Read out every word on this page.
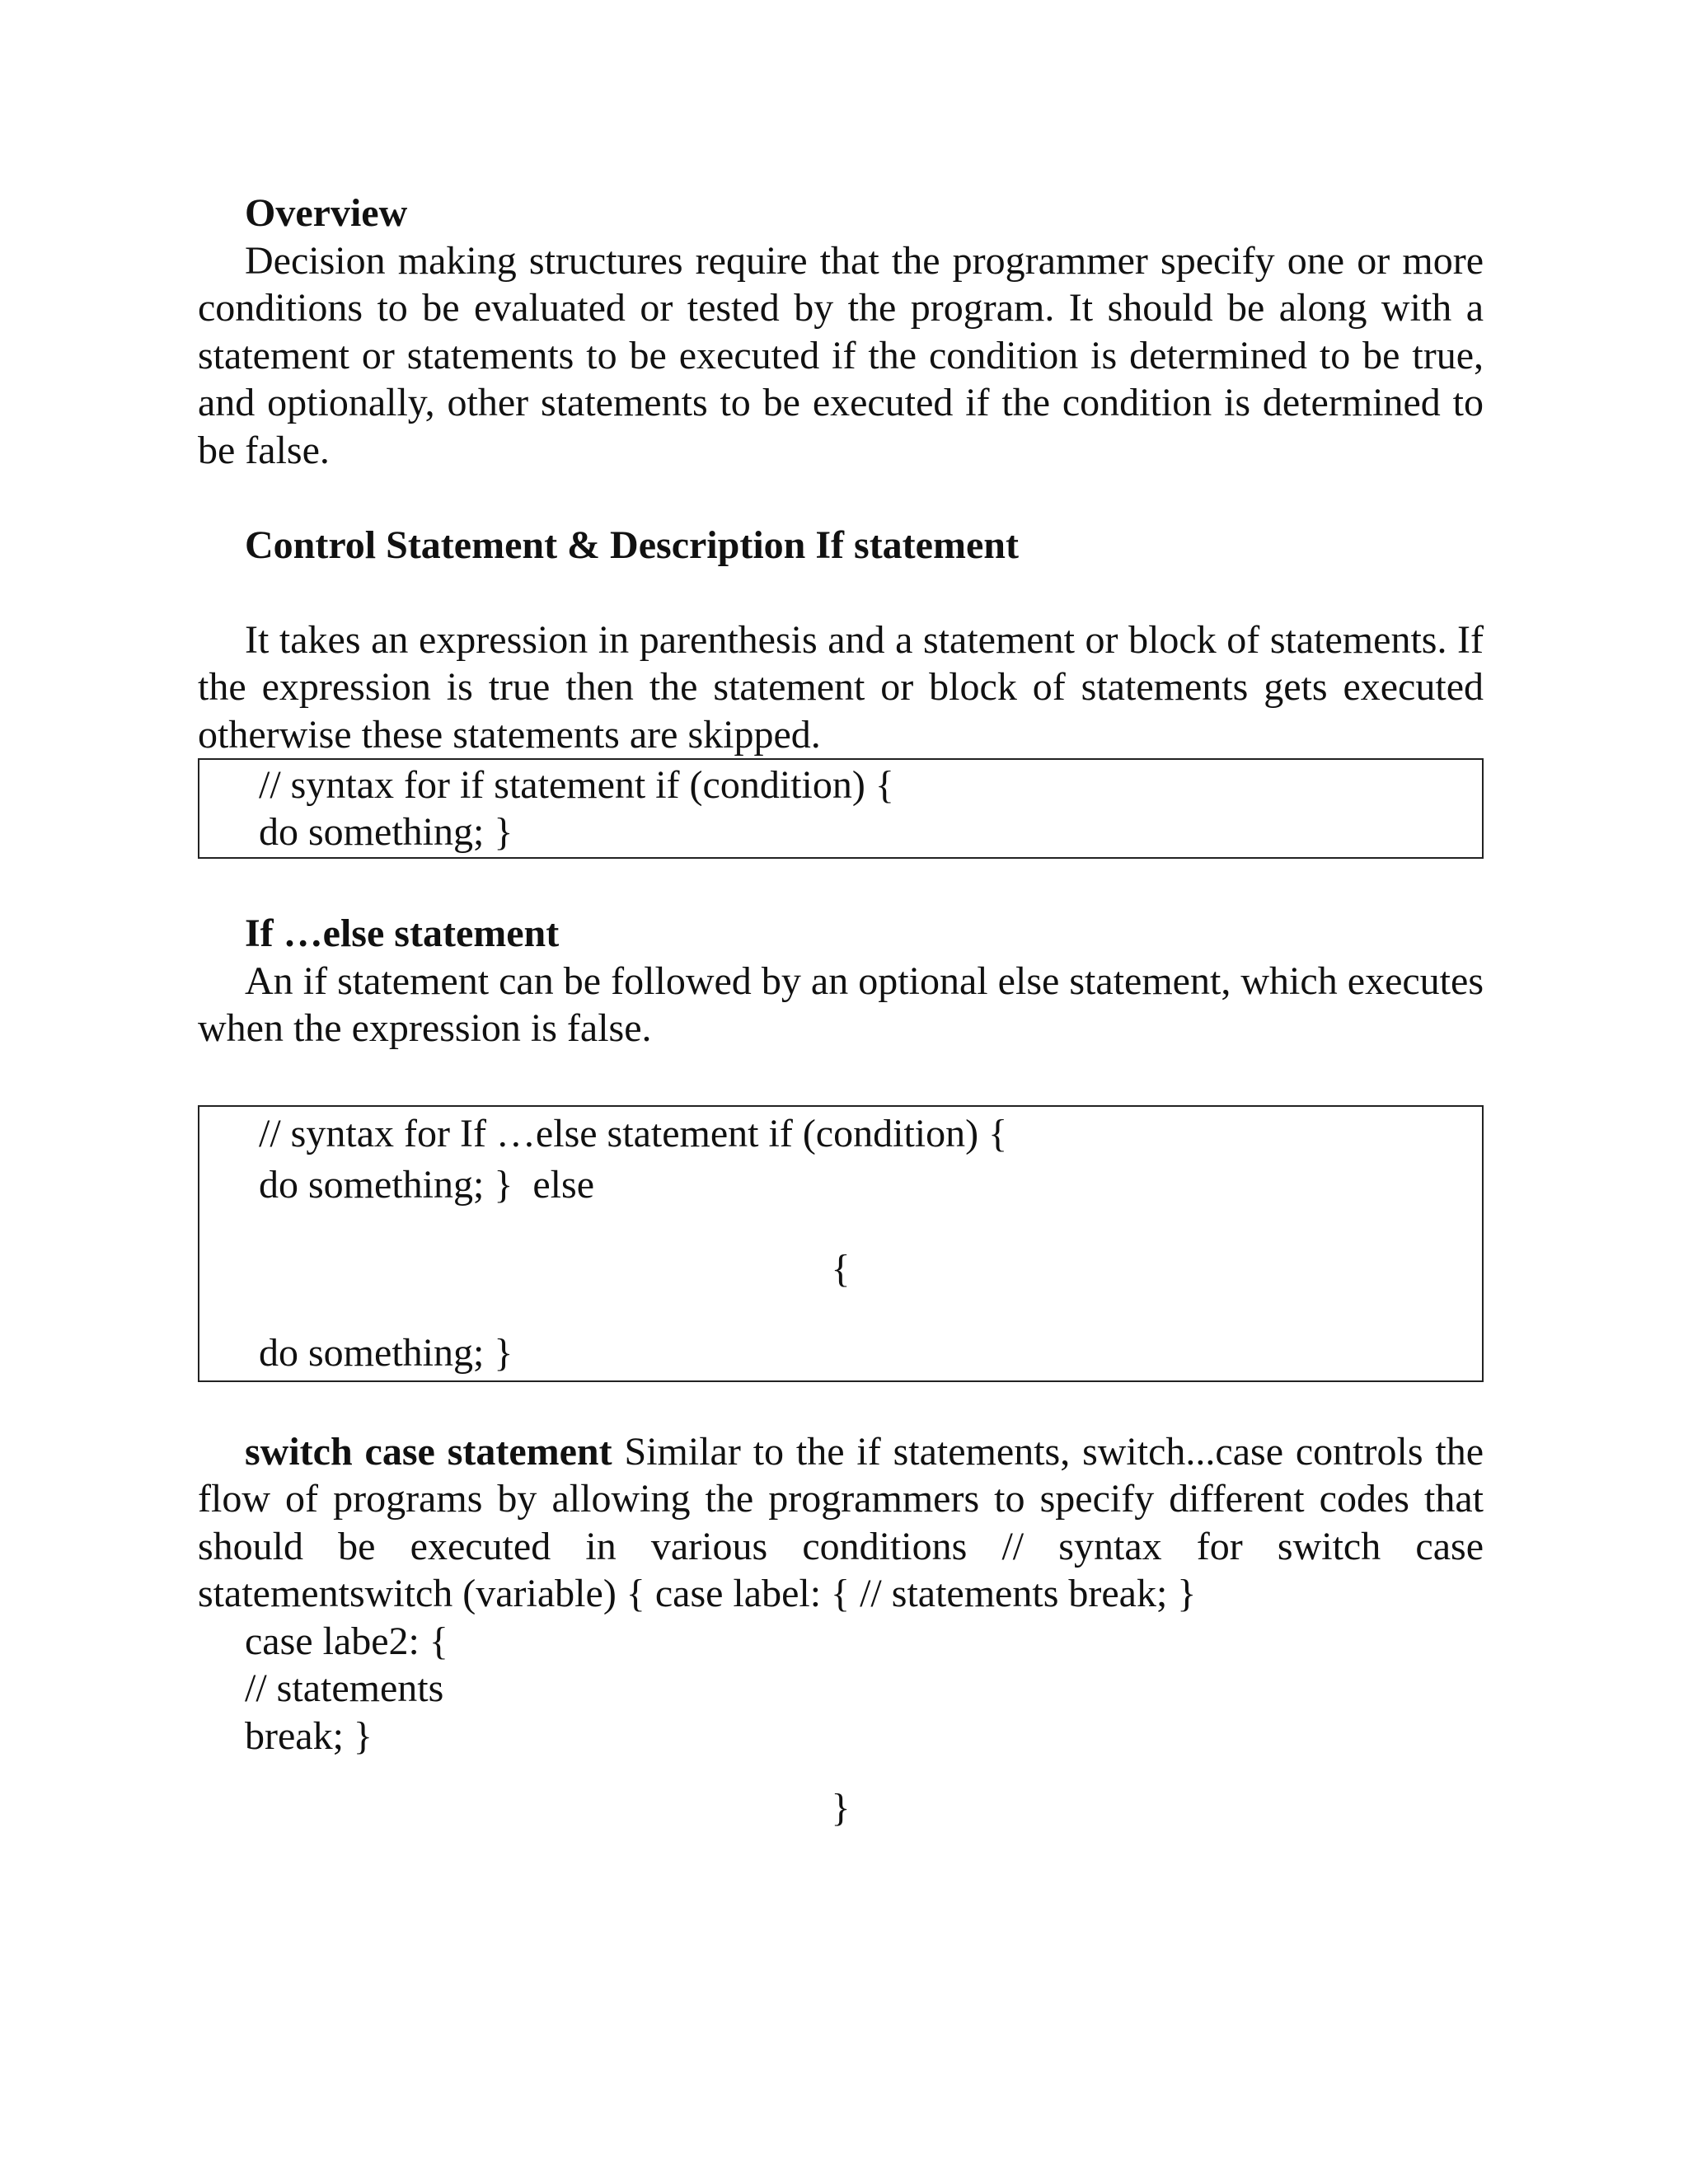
Overview

Decision making structures require that the programmer specify one or more conditions to be evaluated or tested by the program. It should be along with a statement or statements to be executed if the condition is determined to be true, and optionally, other statements to be executed if the condition is determined to be false.

Control Statement & Description If statement

It takes an expression in parenthesis and a statement or block of statements. If the expression is true then the statement or block of statements gets executed otherwise these statements are skipped.

// syntax for if statement if (condition) {
do something; }

If …else statement

An if statement can be followed by an optional else statement, which executes when the expression is false.

// syntax for If …else statement if (condition) {
do something; }  else
{
do something; }

switch case statement Similar to the if statements, switch...case controls the flow of programs by allowing the programmers to specify different codes that should be executed in various conditions // syntax for switch case statementswitch (variable) { case label: { // statements break; }

case labe2: {

// statements

break; }

}
